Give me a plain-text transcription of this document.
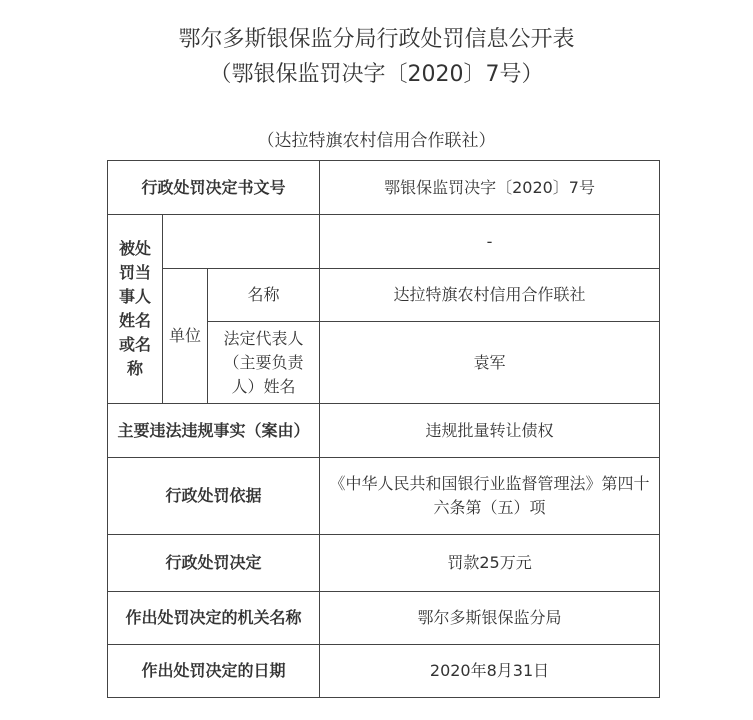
鄂尔多斯银保监分局行政处罚信息公开表
（鄂银保监罚决字〔2020〕7号）
（达拉特旗农村信用合作联社）
行政处罚决定书文号			鄂银保监罚决字〔2020〕7号
被处罚当事人姓名或名称			-
	单位	名称	达拉特旗农村信用合作联社
		法定代表人（主要负责人）姓名	袁军
主要违法违规事实（案由）			违规批量转让债权
行政处罚依据			《中华人民共和国银行业监督管理法》第四十六条第（五）项
行政处罚决定			罚款25万元
作出处罚决定的机关名称			鄂尔多斯银保监分局
作出处罚决定的日期			2020年8月31日
